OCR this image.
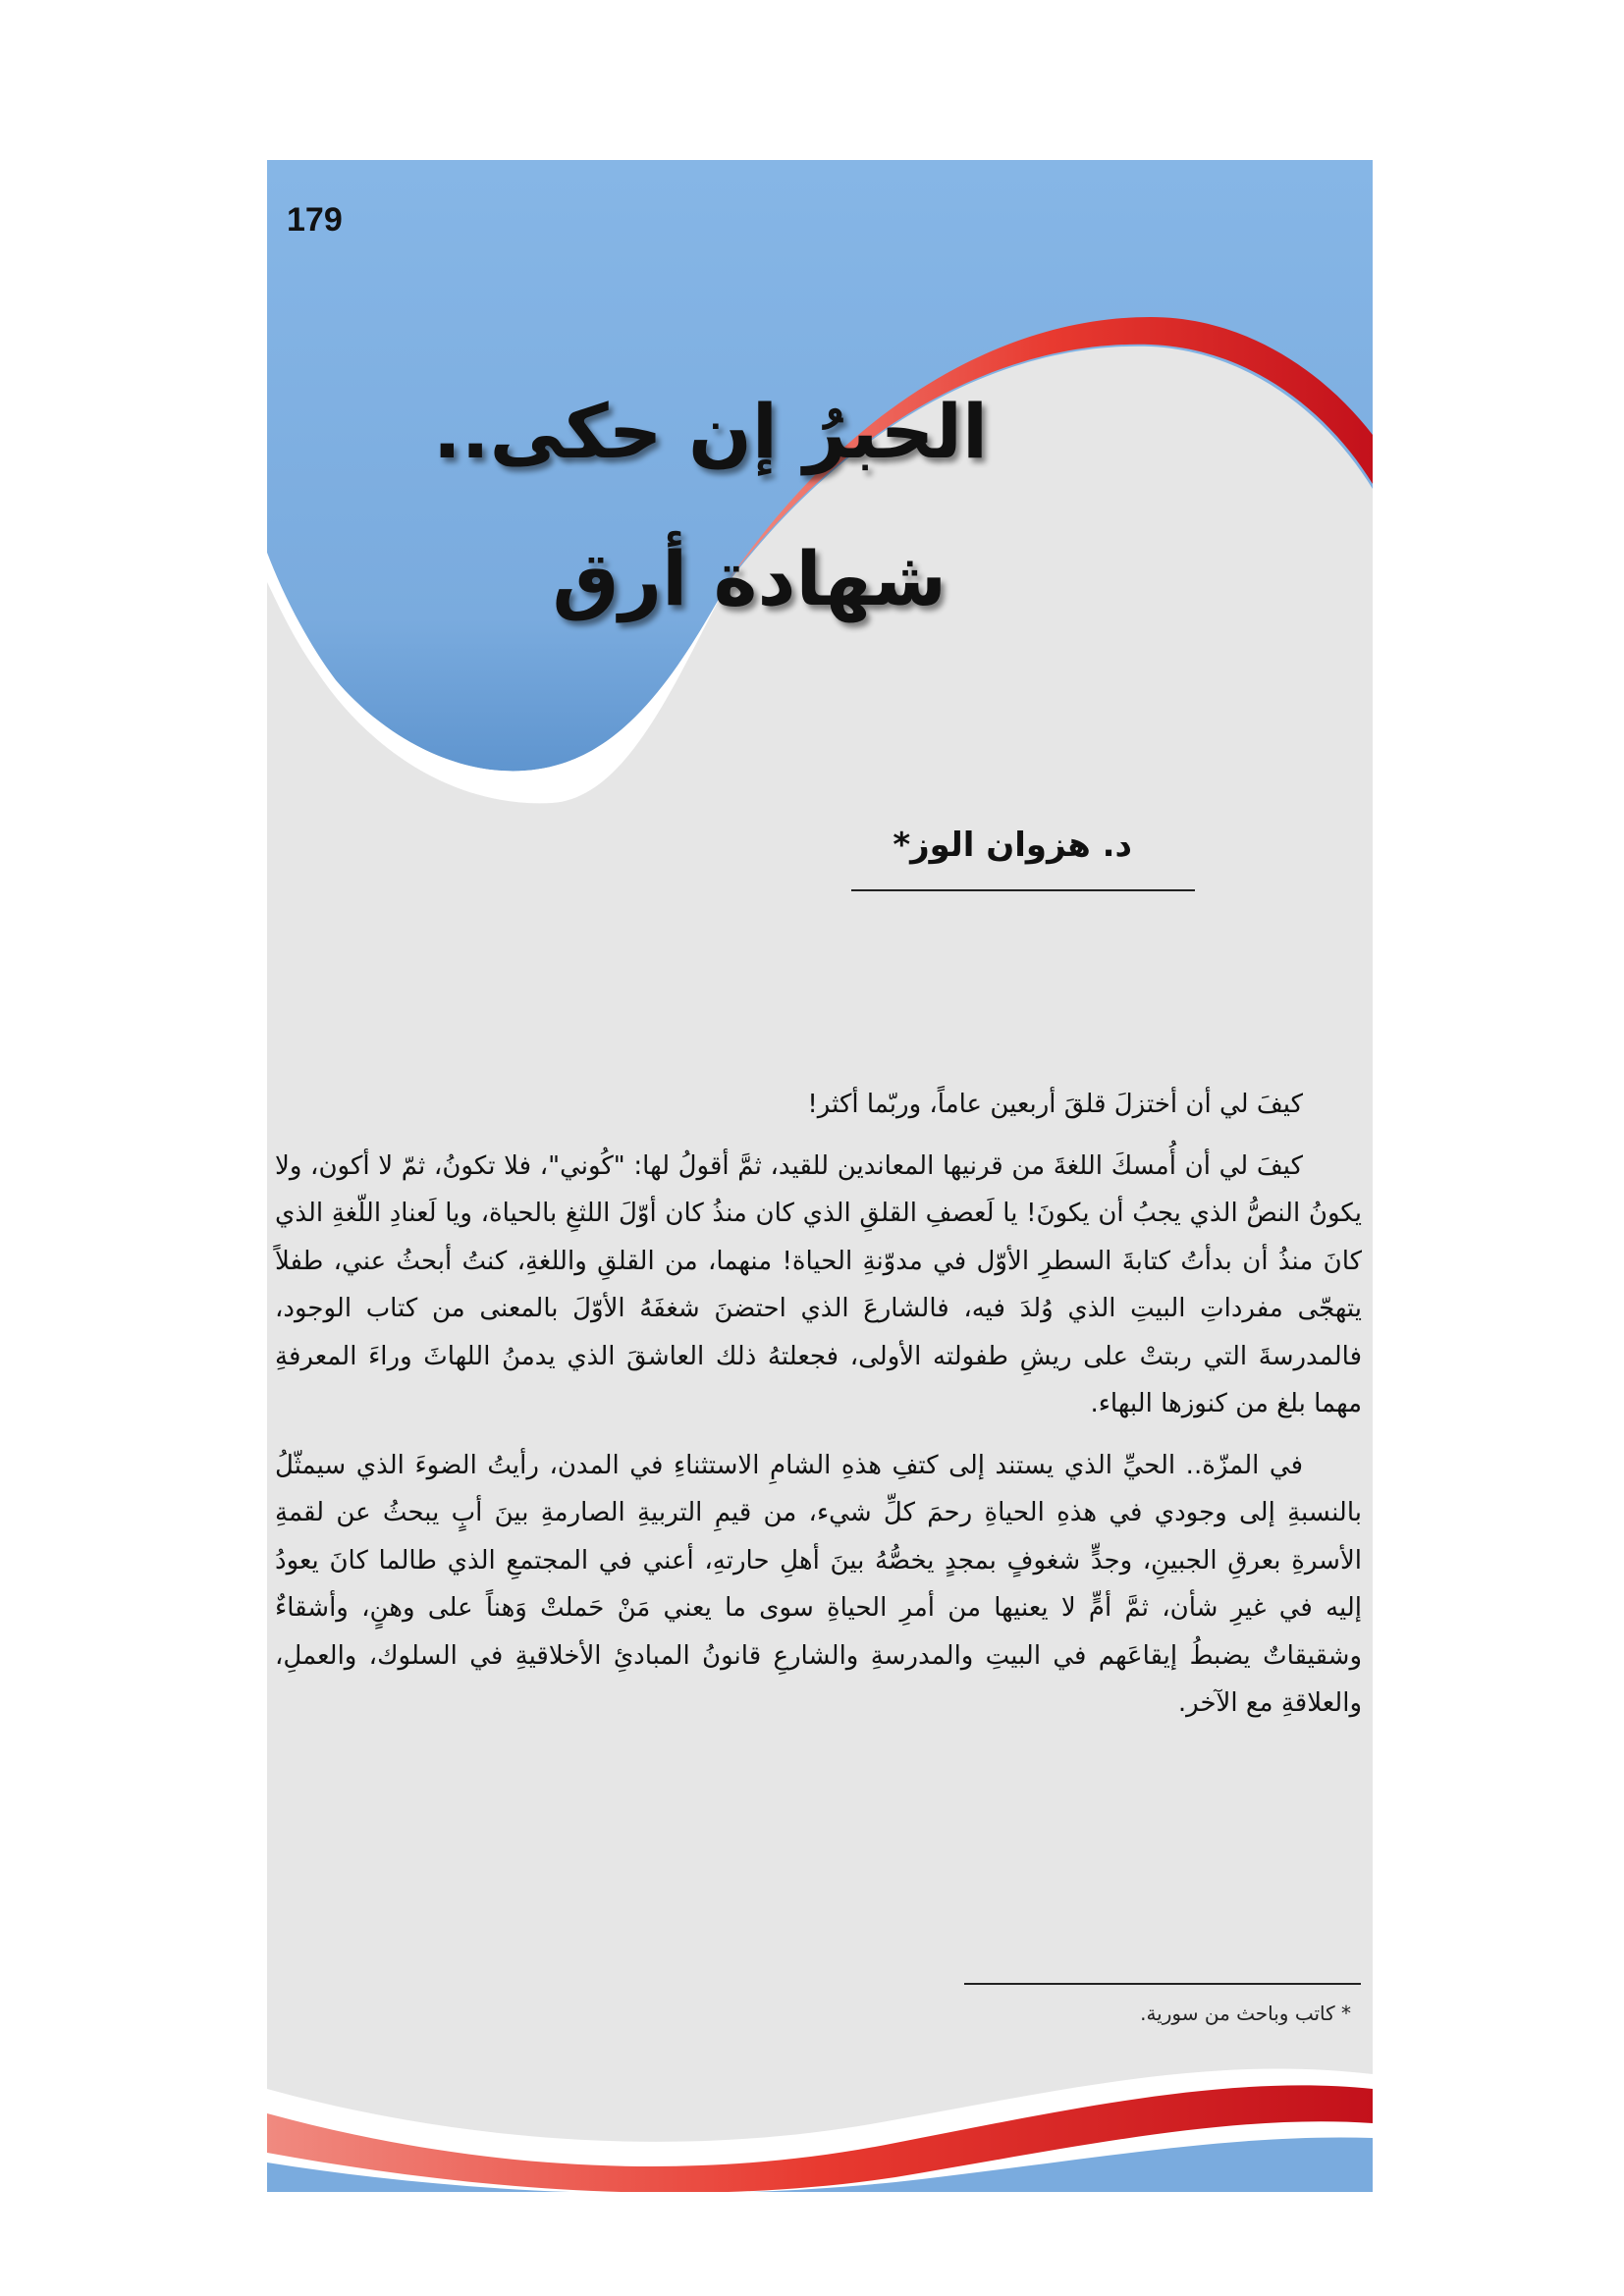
179

الحبرُ إن حكى..
شهادة أرق

د. هزوان الوز*

كيفَ لي أن أختزلَ قلقَ أربعين عاماً، وربّما أكثر!

كيفَ لي أن أُمسكَ اللغةَ من قرنيها المعاندين للقيد، ثمَّ أقولُ لها: "كُوني"، فلا تكونُ، ثمّ لا أكون، ولا يكونُ النصُّ الذي يجبُ أن يكونَ! يا لَعصفِ القلقِ الذي كان منذُ كان أوّلَ اللثغِ بالحياة، ويا لَعنادِ اللّغةِ الذي كانَ منذُ أن بدأتُ كتابةَ السطرِ الأوّل في مدوّنةِ الحياة! منهما، من القلقِ واللغةِ، كنتُ أبحثُ عني، طفلاً يتهجّى مفرداتِ البيتِ الذي وُلدَ فيه، فالشارعَ الذي احتضنَ شغفَهُ الأوّلَ بالمعنى من كتاب الوجود، فالمدرسةَ التي ربتتْ على ريشِ طفولته الأولى، فجعلتهُ ذلك العاشقَ الذي يدمنُ اللهاثَ وراءَ المعرفةِ مهما بلغ من كنوزها البهاء.

في المزّة.. الحيِّ الذي يستند إلى كتفِ هذهِ الشامِ الاستثناءِ في المدن، رأيتُ الضوءَ الذي سيمثّلُ بالنسبةِ إلى وجودي في هذهِ الحياةِ رحمَ كلِّ شيء، من قيمِ التربيةِ الصارمةِ بينَ أبٍ يبحثُ عن لقمةِ الأسرةِ بعرقِ الجبينِ، وجدٍّ شغوفٍ بمجدٍ يخصُّهُ بينَ أهلِ حارتهِ، أعني في المجتمعِ الذي طالما كانَ يعودُ إليه في غيرِ شأن، ثمَّ أمٍّ لا يعنيها من أمرِ الحياةِ سوى ما يعني مَنْ حَملتْ وَهناً على وهنٍ، وأشقاءٌ وشقيقاتٌ يضبطُ إيقاعَهم في البيتِ والمدرسةِ والشارعِ قانونُ المبادئِ الأخلاقيةِ في السلوك، والعملِ، والعلاقةِ مع الآخر.

* كاتب وباحث من سورية.
